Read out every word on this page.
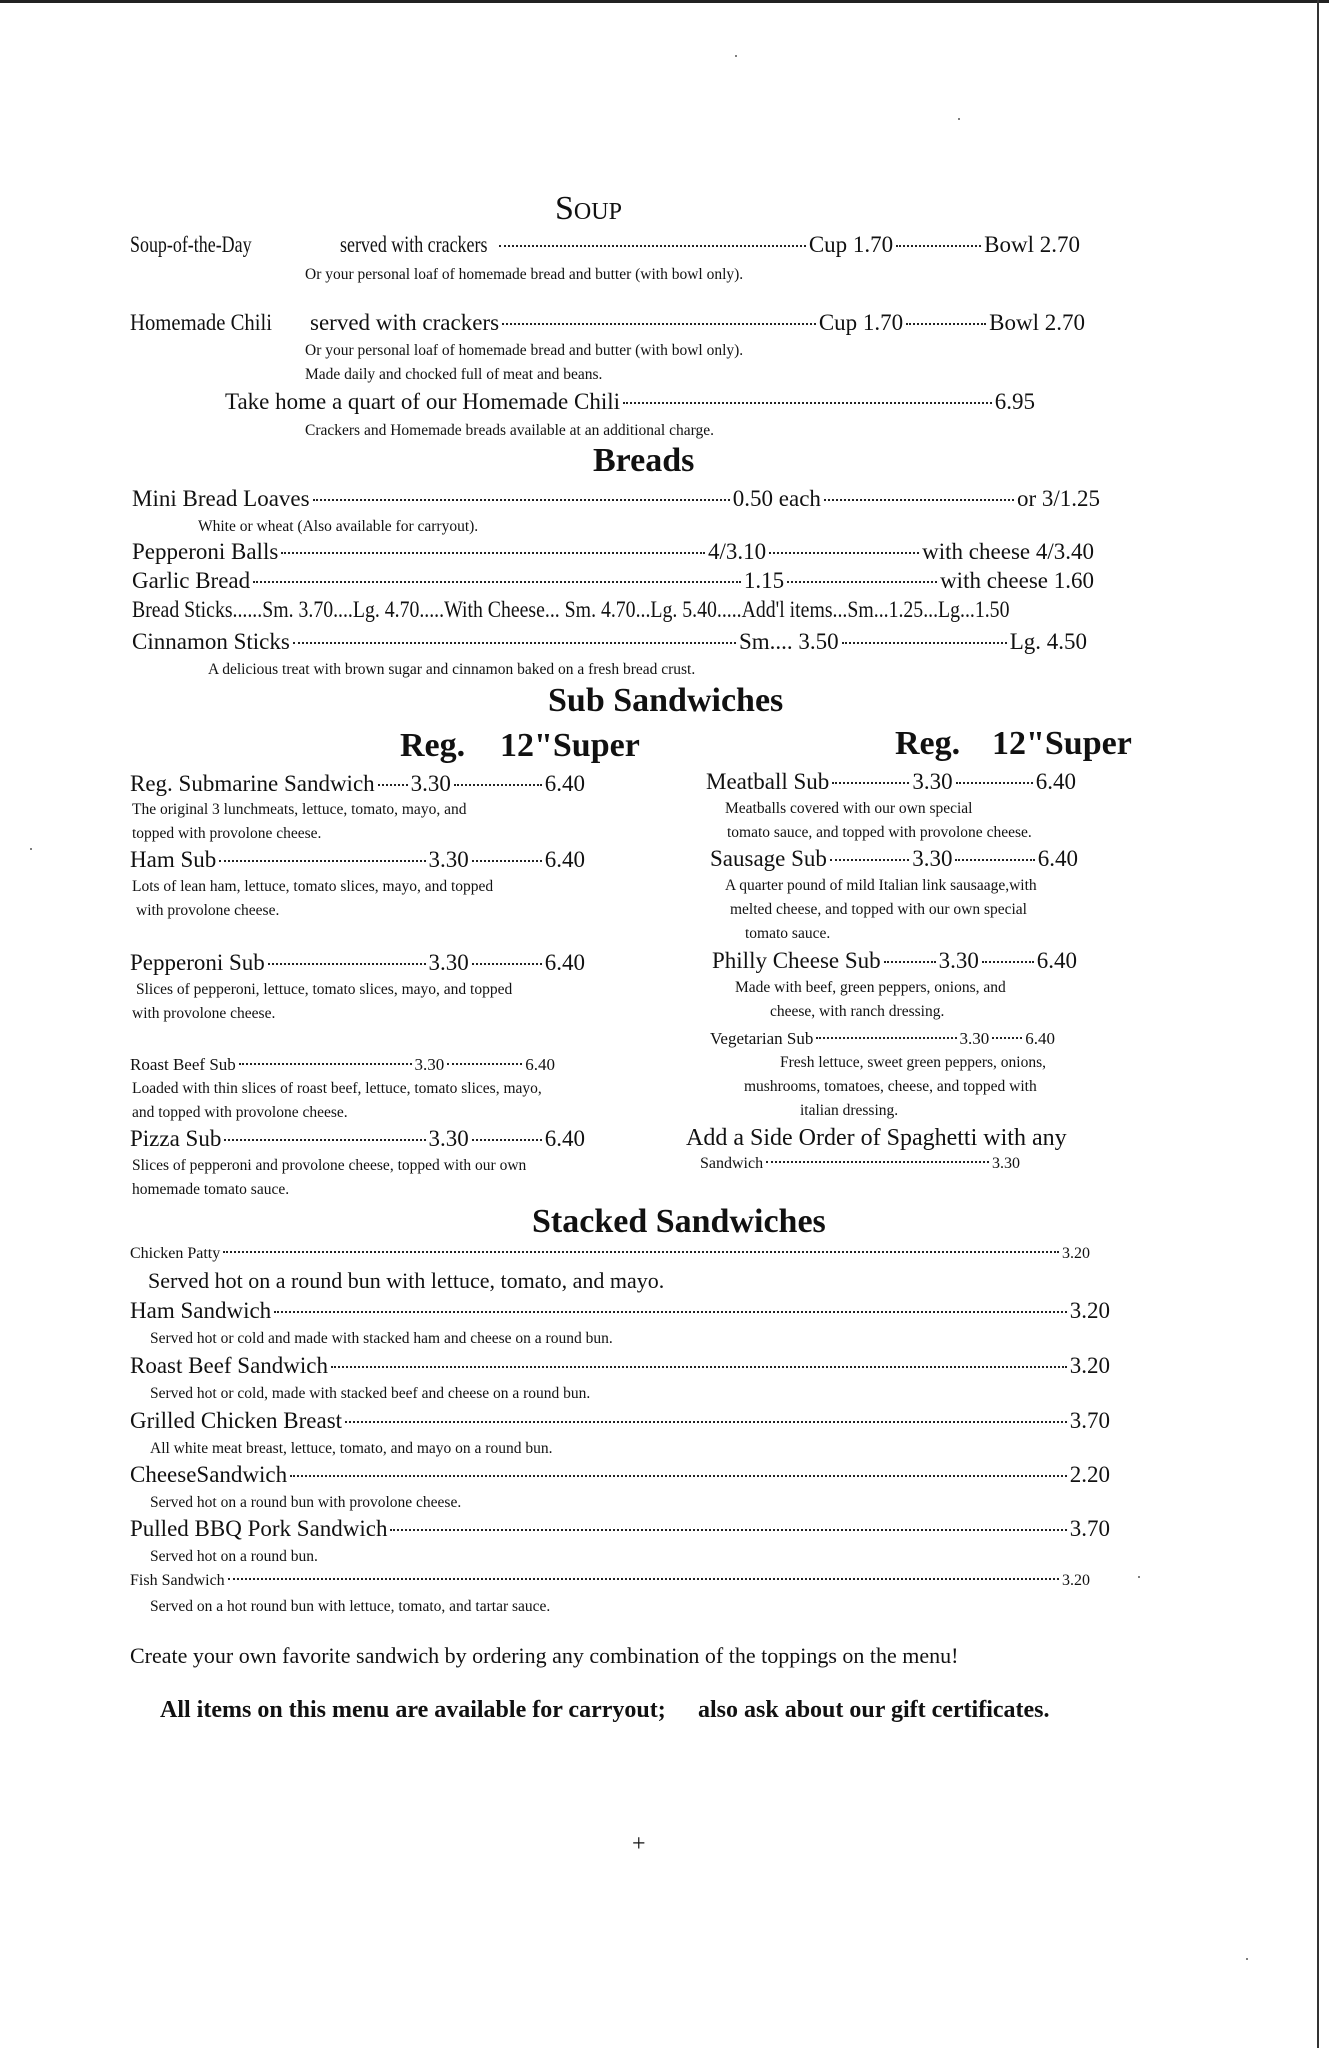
Soup
Soup-of-the-Day	served with crackers	Cup 1.70	Bowl 2.70
Or your personal loaf of homemade bread and butter (with bowl only).
Homemade Chili	served with crackers	Cup 1.70	Bowl 2.70
Or your personal loaf of homemade bread and butter (with bowl only).
Made daily and chocked full of meat and beans.
Take home a quart of our Homemade Chili	6.95
Crackers and Homemade breads available at an additional charge.
Breads
Mini Bread Loaves	0.50 each	or 3/1.25
White or wheat (Also available for carryout).
Pepperoni Balls	4/3.10	with cheese 4/3.40
Garlic Bread	1.15	with cheese 1.60
Bread Sticks......Sm. 3.70....Lg. 4.70.....With Cheese... Sm. 4.70...Lg. 5.40.....Add'l items...Sm...1.25...Lg...1.50
Cinnamon Sticks	Sm.... 3.50	Lg. 4.50
A delicious treat with brown sugar and cinnamon baked on a fresh bread crust.
Sub Sandwiches
Reg. 12"Super	Reg. 12"Super
Reg. Submarine Sandwich 3.30	6.40
The original 3 lunchmeats, lettuce, tomato, mayo, and
topped with provolone cheese.
Ham Sub	3.30	6.40
Lots of lean ham, lettuce, tomato slices, mayo, and topped
with provolone cheese.
Pepperoni Sub	3.30	6.40
Slices of pepperoni, lettuce, tomato slices, mayo, and topped
with provolone cheese.
Roast Beef Sub	3.30	6.40
Loaded with thin slices of roast beef, lettuce, tomato slices, mayo,
and topped with provolone cheese.
Pizza Sub	3.30	6.40
Slices of pepperoni and provolone cheese, topped with our own
homemade tomato sauce.
Meatball Sub	3.30	6.40
Meatballs covered with our own special
tomato sauce, and topped with provolone cheese.
Sausage Sub	3.30	6.40
A quarter pound of mild Italian link sausaage,with
melted cheese, and topped with our own special
tomato sauce.
Philly Cheese Sub	3.30	6.40
Made with beef, green peppers, onions, and
cheese, with ranch dressing.
Vegetarian Sub	3.30 6.40
Fresh lettuce, sweet green peppers, onions,
mushrooms, tomatoes, cheese, and topped with
italian dressing.
Add a Side Order of Spaghetti with any
Sandwich	3.30
Stacked Sandwiches
Chicken Patty	3.20
Served hot on a round bun with lettuce, tomato, and mayo.
Ham Sandwich	3.20
Served hot or cold and made with stacked ham and cheese on a round bun.
Roast Beef Sandwich	3.20
Served hot or cold, made with stacked beef and cheese on a round bun.
Grilled Chicken Breast	3.70
All white meat breast, lettuce, tomato, and mayo on a round bun.
CheeseSandwich	2.20
Served hot on a round bun with provolone cheese.
Pulled BBQ Pork Sandwich	3.70
Served hot on a round bun.
Fish Sandwich	3.20
Served on a hot round bun with lettuce, tomato, and tartar sauce.
Create your own favorite sandwich by ordering any combination of the toppings on the menu!
All items on this menu are available for carryout; also ask about our gift certificates.
+
